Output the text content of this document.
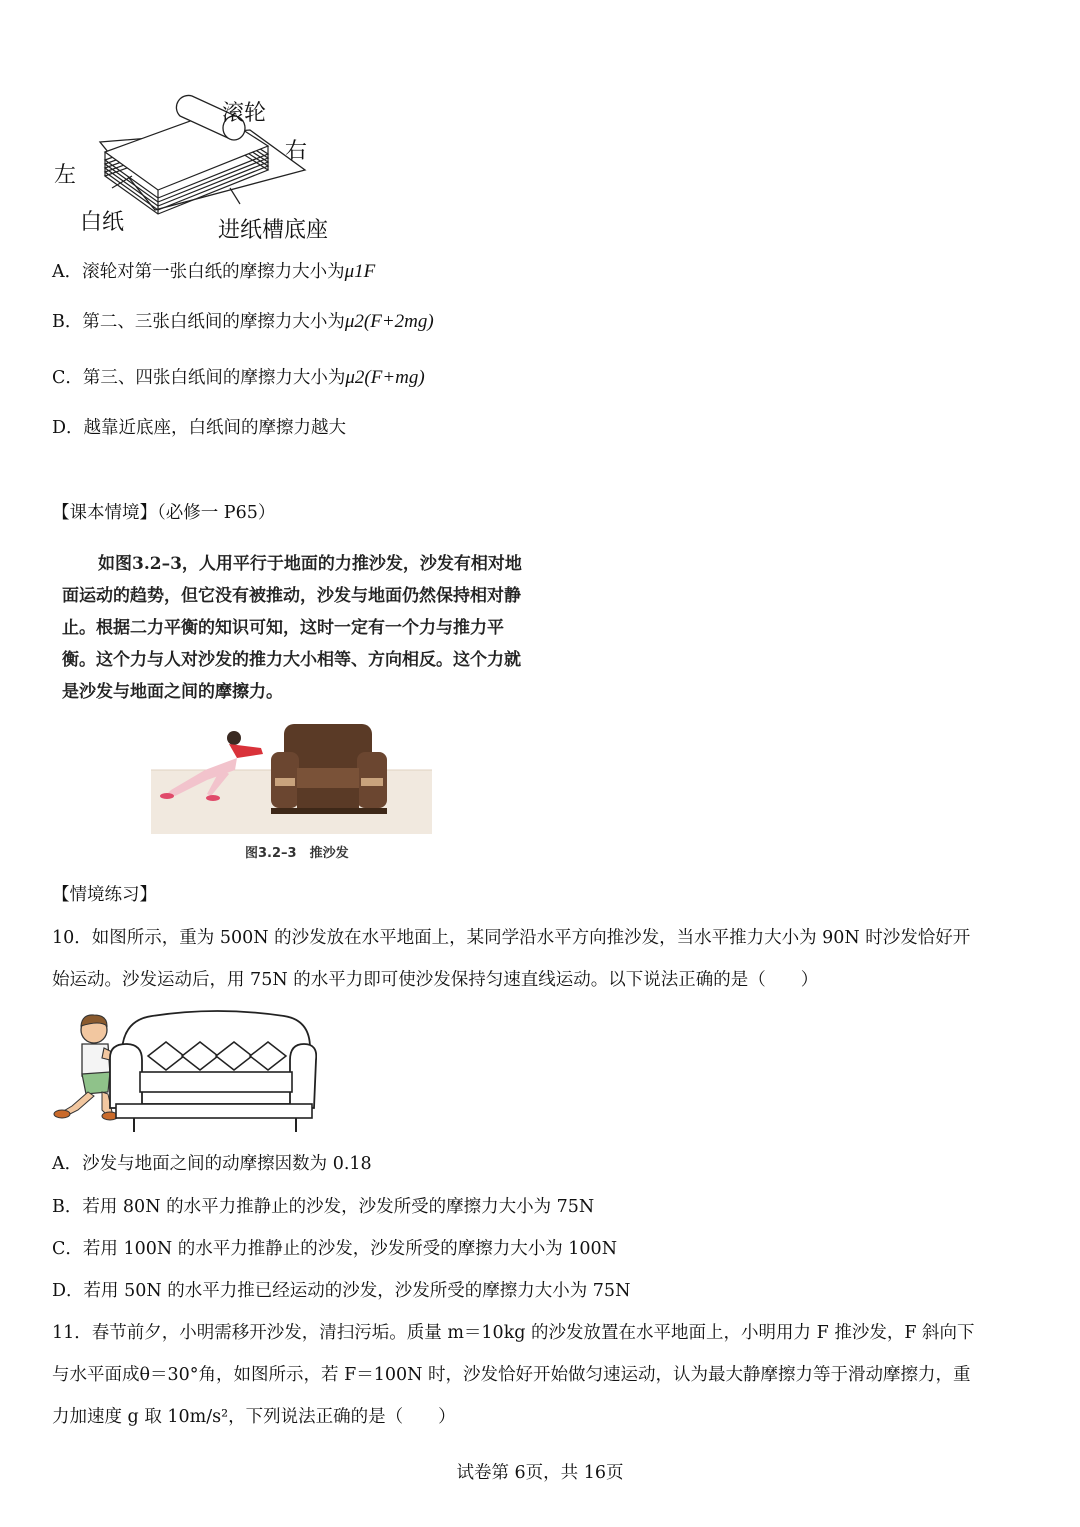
滚轮
右
左
白纸	进纸槽底座
A．滚轮对第一张白纸的摩擦力大小为μ1F
B．第二、三张白纸间的摩擦力大小为μ2(F+2mg)
C．第三、四张白纸间的摩擦力大小为μ2(F+mg)
D．越靠近底座，白纸间的摩擦力越大
【课本情境】（必修一 P65）
如图3.2–3，人用平行于地面的力推沙发，沙发有相对地面运动的趋势，但它没有被推动，沙发与地面仍然保持相对静止。根据二力平衡的知识可知，这时一定有一个力与推力平衡。这个力与人对沙发的推力大小相等、方向相反。这个力就是沙发与地面之间的摩擦力。
图3.2–3　推沙发
【情境练习】
10．如图所示，重为 500N 的沙发放在水平地面上，某同学沿水平方向推沙发，当水平推力大小为 90N 时沙发恰好开
始运动。沙发运动后，用 75N 的水平力即可使沙发保持匀速直线运动。以下说法正确的是（　　）
A．沙发与地面之间的动摩擦因数为 0.18
B．若用 80N 的水平力推静止的沙发，沙发所受的摩擦力大小为 75N
C．若用 100N 的水平力推静止的沙发，沙发所受的摩擦力大小为 100N
D．若用 50N 的水平力推已经运动的沙发，沙发所受的摩擦力大小为 75N
11．春节前夕，小明需移开沙发，清扫污垢。质量 m＝10kg 的沙发放置在水平地面上，小明用力 F 推沙发，F 斜向下
与水平面成θ＝30°角，如图所示，若 F＝100N 时，沙发恰好开始做匀速运动，认为最大静摩擦力等于滑动摩擦力，重
力加速度 g 取 10m/s²，下列说法正确的是（　　）
试卷第 6页，共 16页
